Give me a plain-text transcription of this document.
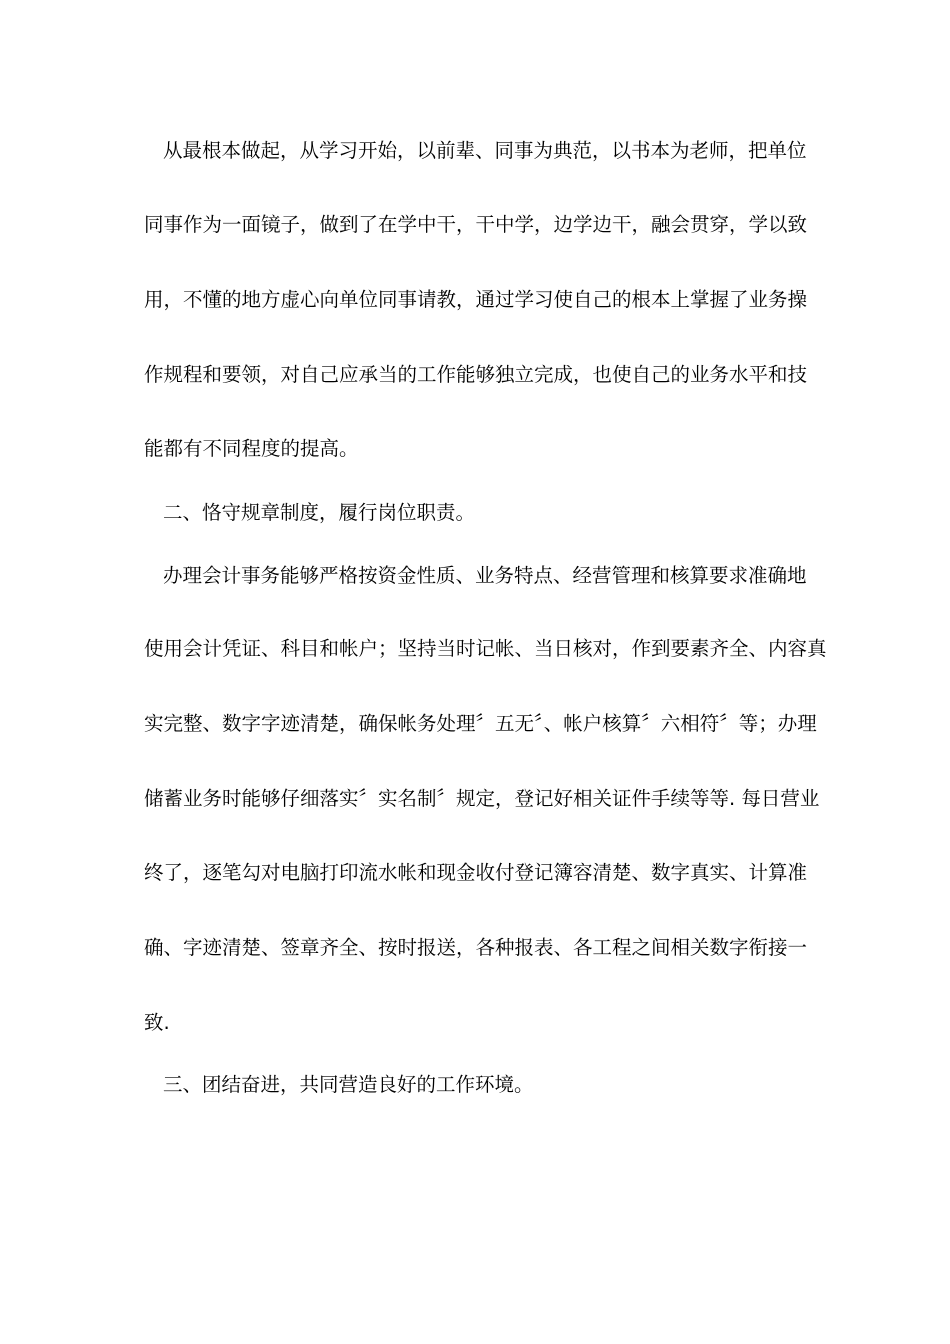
从最根本做起，从学习开始，以前辈、同事为典范，以书本为老师，把单位
同事作为一面镜子，做到了在学中干，干中学，边学边干，融会贯穿，学以致
用，不懂的地方虚心向单位同事请教，通过学习使自己的根本上掌握了业务操
作规程和要领，对自己应承当的工作能够独立完成，也使自己的业务水平和技
能都有不同程度的提高。
二、恪守规章制度，履行岗位职责。
办理会计事务能够严格按资金性质、业务特点、经营管理和核算要求准确地
使用会计凭证、科目和帐户；坚持当时记帐、当日核对，作到要素齐全、内容真
实完整、数字字迹清楚，确保帐务处理〞五无〞、帐户核算〞六相符〞等；办理
储蓄业务时能够仔细落实〞实名制〞规定，登记好相关证件手续等等. 每日营业
终了，逐笔勾对电脑打印流水帐和现金收付登记簿容清楚、数字真实、计算准
确、字迹清楚、签章齐全、按时报送，各种报表、各工程之间相关数字衔接一
致.
三、团结奋进，共同营造良好的工作环境。
